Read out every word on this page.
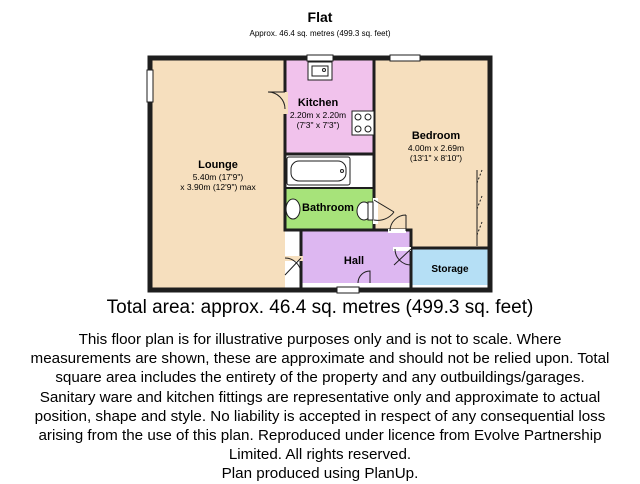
Flat
Approx. 46.4 sq. metres (499.3 sq. feet)
Lounge
5.40m (17'9")
x 3.90m (12'9") max
Kitchen
2.20m x 2.20m
(7'3" x 7'3")
Bedroom
4.00m x 2.69m
(13'1" x 8'10")
Bathroom
Hall
Storage
Total area: approx. 46.4 sq. metres (499.3 sq. feet)
This floor plan is for illustrative purposes only and is not to scale. Where
measurements are shown, these are approximate and should not be relied upon. Total
square area includes the entirety of the property and any outbuildings/garages.
Sanitary ware and kitchen fittings are representative only and approximate to actual
position, shape and style. No liability is accepted in respect of any consequential loss
arising from the use of this plan. Reproduced under licence from Evolve Partnership
Limited. All rights reserved.
Plan produced using PlanUp.
